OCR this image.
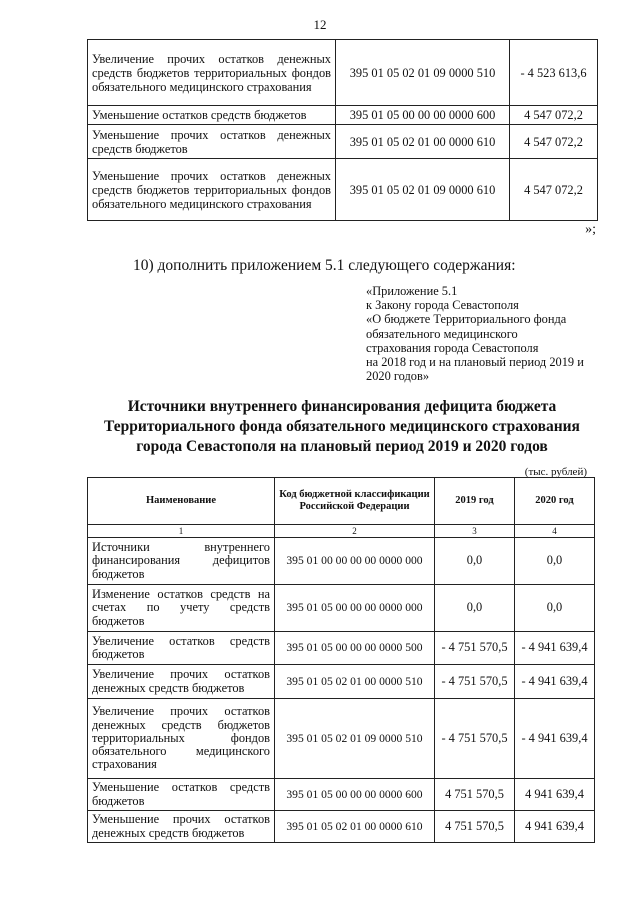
12
Увеличение прочих остатков денежных средств бюджетов территориальных фондов обязательного медицинского страхования	395 01 05 02 01 09 0000 510	- 4 523 613,6
Уменьшение остатков средств бюджетов	395 01 05 00 00 00 0000 600	4 547 072,2
Уменьшение прочих остатков денежных средств бюджетов	395 01 05 02 01 00 0000 610	4 547 072,2
Уменьшение прочих остатков денежных средств бюджетов территориальных фондов обязательного медицинского страхования	395 01 05 02 01 09 0000 610	4 547 072,2
»;
10) дополнить приложением 5.1 следующего содержания:
«Приложение 5.1
к Закону города Севастополя
«О бюджете Территориального фонда
обязательного медицинского
страхования города Севастополя
на 2018 год и на плановый период 2019 и
2020 годов»
Источники внутреннего финансирования дефицита бюджета Территориального фонда обязательного медицинского страхования города Севастополя на плановый период 2019 и 2020 годов
(тыс. рублей)
Наименование	Код бюджетной классификации Российской Федерации	2019 год	2020 год
1	2	3	4
Источники внутреннего финансирования дефицитов бюджетов	395 01 00 00 00 00 0000 000	0,0	0,0
Изменение остатков средств на счетах по учету средств бюджетов	395 01 05 00 00 00 0000 000	0,0	0,0
Увеличение остатков средств бюджетов	395 01 05 00 00 00 0000 500	- 4 751 570,5	- 4 941 639,4
Увеличение прочих остатков денежных средств бюджетов	395 01 05 02 01 00 0000 510	- 4 751 570,5	- 4 941 639,4
Увеличение прочих остатков денежных средств бюджетов территориальных фондов обязательного медицинского страхования	395 01 05 02 01 09 0000 510	- 4 751 570,5	- 4 941 639,4
Уменьшение остатков средств бюджетов	395 01 05 00 00 00 0000 600	4 751 570,5	4 941 639,4
Уменьшение прочих остатков денежных средств бюджетов	395 01 05 02 01 00 0000 610	4 751 570,5	4 941 639,4
